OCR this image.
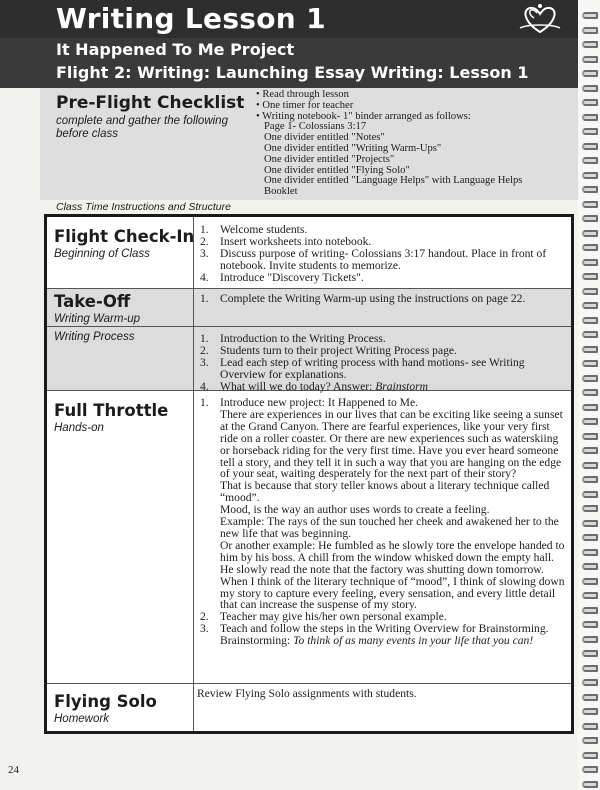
Writing Lesson 1
It Happened To Me Project
Flight 2: Writing: Launching Essay Writing: Lesson 1
Pre-Flight Checklist
complete and gather the following before class
• Read through lesson
• One timer for teacher
• Writing notebook- 1" binder arranged as follows:
Page 1- Colossians 3:17
One divider entitled "Notes"
One divider entitled "Writing Warm-Ups"
One divider entitled "Projects"
One divider entitled "Flying Solo"
One divider entitled "Language Helps" with Language Helps
Booklet
Class Time Instructions and Structure
Flight Check-In
Beginning of Class
1. Welcome students.
2. Insert worksheets into notebook.
3. Discuss purpose of writing- Colossians 3:17 handout. Place in front of notebook. Invite students to memorize.
4. Introduce "Discovery Tickets".
Take-Off
Writing Warm-up
1. Complete the Writing Warm-up using the instructions on page 22.
Writing Process	1. Introduction to the Writing Process.
2. Students turn to their project Writing Process page.
3. Lead each step of writing process with hand motions- see Writing Overview for explanations.
4. What will we do today? Answer: Brainstorm
Full Throttle
Hands-on
1. Introduce new project: It Happened to Me.
There are experiences in our lives that can be exciting like seeing a sunset at the Grand Canyon. There are fearful experiences, like your very first ride on a roller coaster. Or there are new experiences such as waterskiing or horseback riding for the very first time. Have you ever heard someone tell a story, and they tell it in such a way that you are hanging on the edge of your seat, waiting desperately for the next part of their story?
That is because that story teller knows about a literary technique called “mood”.
Mood, is the way an author uses words to create a feeling.
Example: The rays of the sun touched her cheek and awakened her to the new life that was beginning.
Or another example: He fumbled as he slowly tore the envelope handed to him by his boss. A chill from the window whisked down the empty hall. He slowly read the note that the factory was shutting down tomorrow.
When I think of the literary technique of “mood”, I think of slowing down my story to capture every feeling, every sensation, and every little detail that can increase the suspense of my story.
2. Teacher may give his/her own personal example.
3. Teach and follow the steps in the Writing Overview for Brainstorming.
Brainstorming: To think of as many events in your life that you can!
Flying Solo
Homework
Review Flying Solo assignments with students.
24
